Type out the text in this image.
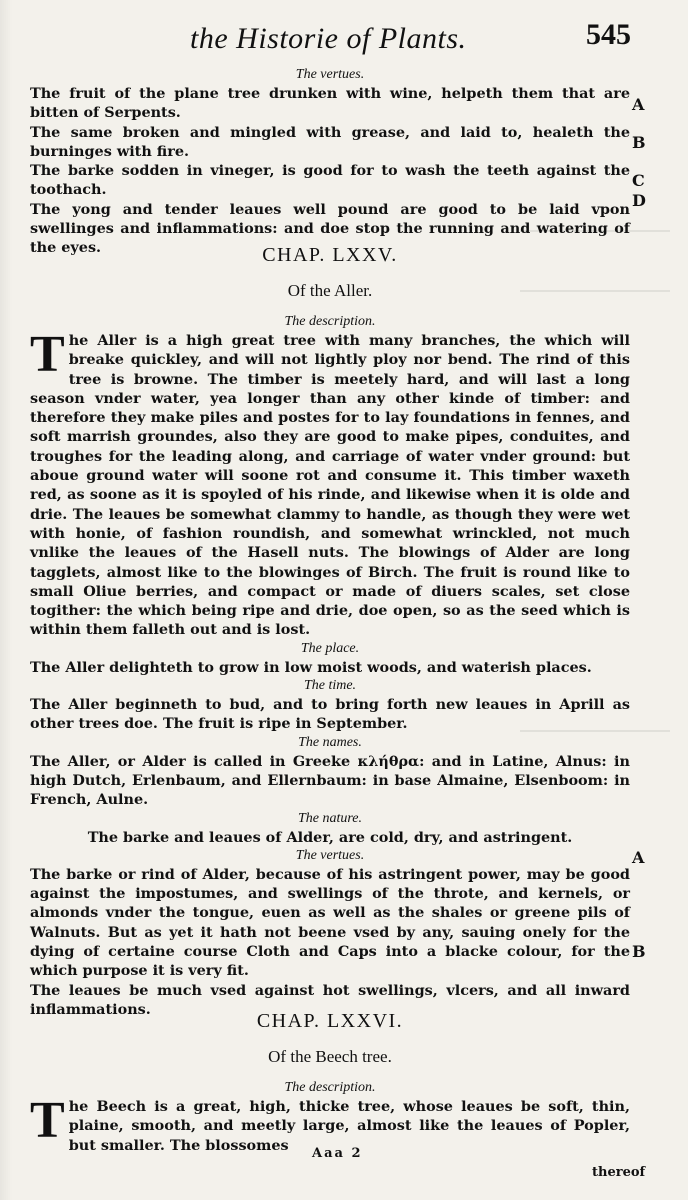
the Historie of Plants.	545

The vertues.

The fruit of the plane tree drunken with wine, helpeth them that are bitten of Serpents.

The same broken and mingled with grease, and laid to, healeth the burninges with fire.

The barke sodden in vineger, is good for to wash the teeth against the toothach.

The yong and tender leaues well pound are good to be laid vpon swellinges and inflammations: and doe stop the running and watering of the eyes.

A
B
C
D

CHAP. LXXV.

Of the Aller.

The description.

The Aller is a high great tree with many branches, the which will breake quickley, and will not lightly ploy nor bend. The rind of this tree is browne. The timber is meetely hard, and will last a long season vnder water, yea longer than any other kinde of timber: and therefore they make piles and postes for to lay foundations in fennes, and soft marrish groundes, also they are good to make pipes, conduites, and troughes for the leading along, and carriage of water vnder ground: but aboue ground water will soone rot and consume it. This timber waxeth red, as soone as it is spoyled of his rinde, and likewise when it is olde and drie. The leaues be somewhat clammy to handle, as though they were wet with honie, of fashion roundish, and somewhat wrinckled, not much vnlike the leaues of the Hasell nuts. The blowings of Alder are long tagglets, almost like to the blowinges of Birch. The fruit is round like to small Oliue berries, and compact or made of diuers scales, set close togither: the which being ripe and drie, doe open, so as the seed which is within them falleth out and is lost.

The place.

The Aller delighteth to grow in low moist woods, and waterish places.

The time.

The Aller beginneth to bud, and to bring forth new leaues in Aprill as other trees doe. The fruit is ripe in September.

The names.

The Aller, or Alder is called in Greeke κλήθρα: and in Latine, Alnus: in high Dutch, Erlenbaum, and Ellernbaum: in base Almaine, Elsenboom: in French, Aulne.

The nature.

The barke and leaues of Alder, are cold, dry, and astringent.

The vertues.

The barke or rind of Alder, because of his astringent power, may be good against the impostumes, and swellings of the throte, and kernels, or almonds vnder the tongue, euen as well as the shales or greene pils of Walnuts. But as yet it hath not beene vsed by any, sauing onely for the dying of certaine course Cloth and Caps into a blacke colour, for the which purpose it is very fit.

The leaues be much vsed against hot swellings, vlcers, and all inward inflammations.

A
B

CHAP. LXXVI.

Of the Beech tree.

The description.

The Beech is a great, high, thicke tree, whose leaues be soft, thin, plaine, smooth, and meetly large, almost like the leaues of Popler, but smaller. The blossomes	Aaa 2
thereof
